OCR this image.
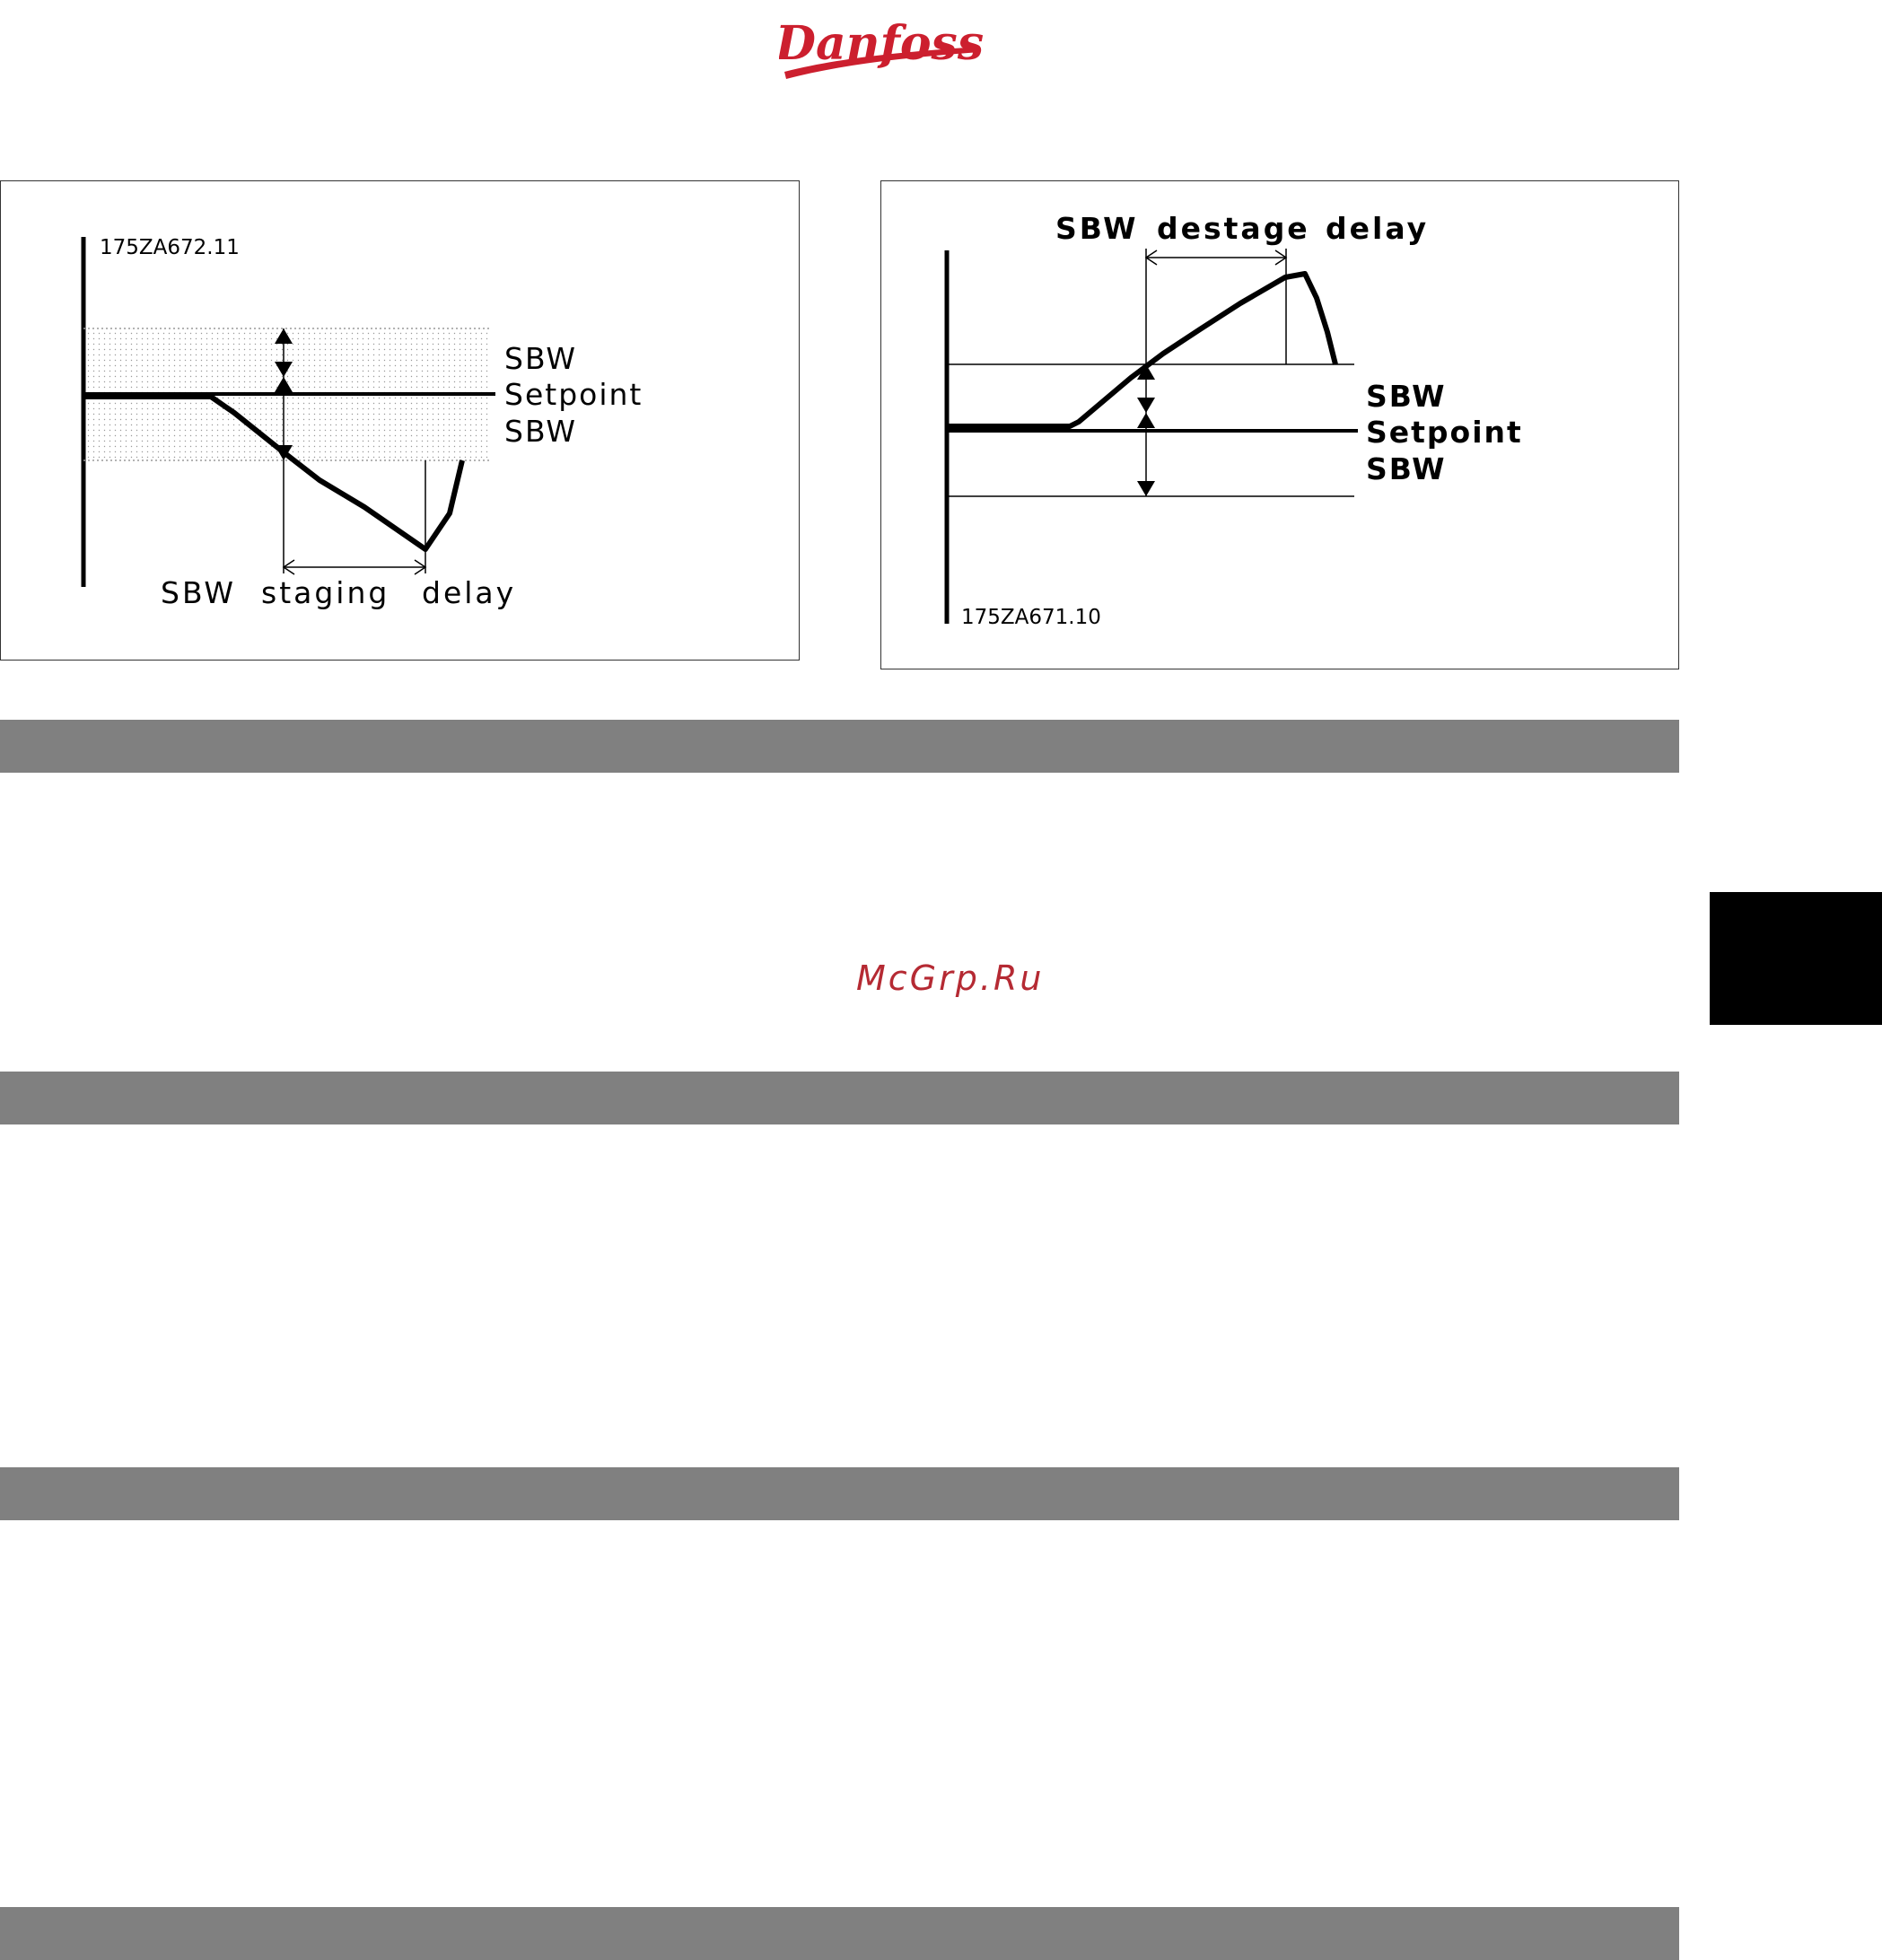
Danfoss
175ZA672.11
SBW
Setpoint
SBW
SBW staging delay
SBW destage delay
SBW
Setpoint
SBW
175ZA671.10
McGrp.Ru
